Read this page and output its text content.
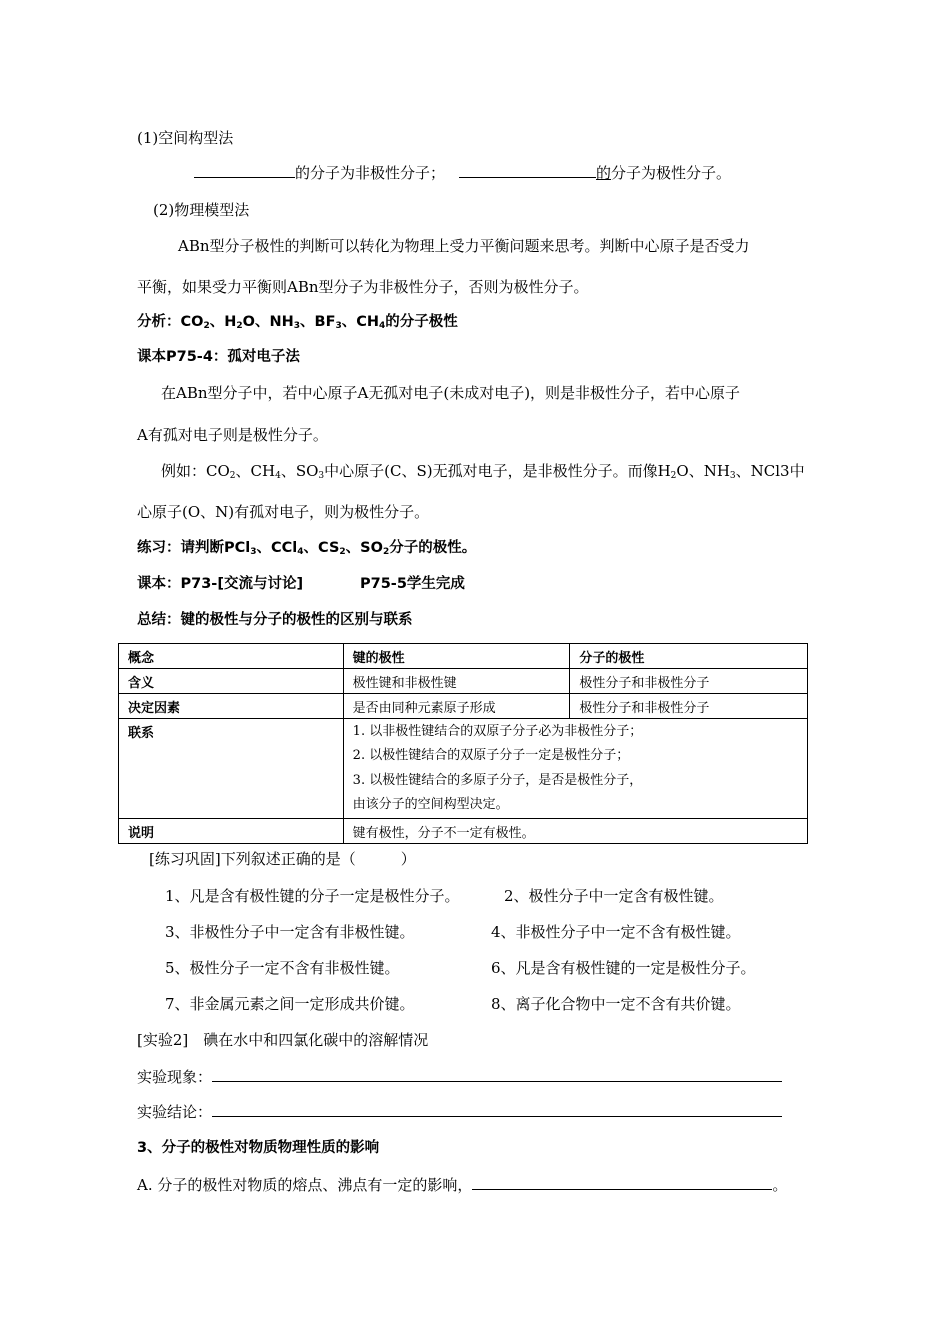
(1)空间构型法
的分子为非极性分子；	的分子为极性分子。
(2)物理模型法
ABn型分子极性的判断可以转化为物理上受力平衡问题来思考。判断中心原子是否受力
平衡，如果受力平衡则ABn型分子为非极性分子，否则为极性分子。
分析：$CO_2$、$H_2O$、$NH_3$、$BF_3$、$CH_4$的分子极性
课本P75-4：孤对电子法
在ABn型分子中，若中心原子A无孤对电子(未成对电子)，则是非极性分子，若中心原子
A有孤对电子则是极性分子。
例如：$CO_2$、$CH_4$、$SO_3$中心原子(C、S)无孤对电子，是非极性分子。而像$H_2O$、$NH_3$、NCl3中
心原子(O、N)有孤对电子，则为极性分子。
练习：请判断PCl$_3$、CCl$_4$、$CS_2$、$SO_2$分子的极性。
课本：P73-[交流与讨论]	P75-5学生完成
总结：键的极性与分子的极性的区别与联系
概念	键的极性	分子的极性
含义	极性键和非极性键	极性分子和非极性分子
决定因素	是否由同种元素原子形成	极性分子和非极性分子
联系	1. 以非极性键结合的双原子分子必为非极性分子；
2. 以极性键结合的双原子分子一定是极性分子；
3. 以极性键结合的多原子分子，是否是极性分子，
由该分子的空间构型决定。	

说明	键有极性，分子不一定有极性。	
[练习巩固]下列叙述正确的是（　　　）
1、凡是含有极性键的分子一定是极性分子。	2、极性分子中一定含有极性键。
3、非极性分子中一定含有非极性键。	4、非极性分子中一定不含有极性键。
5、极性分子一定不含有非极性键。	6、凡是含有极性键的一定是极性分子。
7、非金属元素之间一定形成共价键。	8、离子化合物中一定不含有共价键。
[实验2]　碘在水中和四氯化碳中的溶解情况
实验现象：
实验结论：
3、分子的极性对物质物理性质的影响
A. 分子的极性对物质的熔点、沸点有一定的影响，	。
